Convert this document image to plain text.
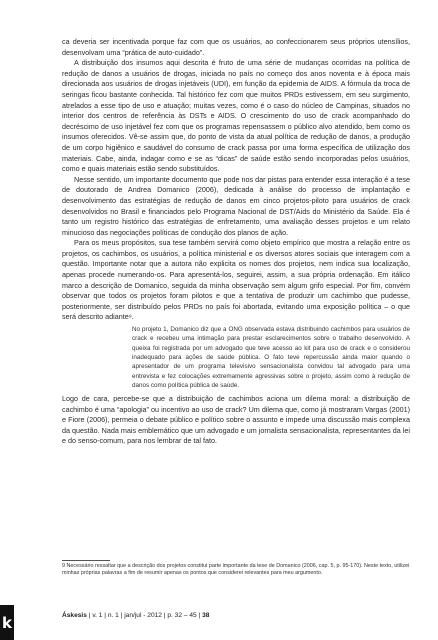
ca deveria ser incentivada porque faz com que os usuários, ao confeccionarem seus próprios utensílios, desenvolvam uma “prática de auto-cuidado”.

A distribuição dos insumos aqui descrita é fruto de uma série de mudanças ocorridas na política de redução de danos a usuários de drogas, iniciada no país no começo dos anos noventa e à época mais direcionada aos usuários de drogas injetáveis (UDI), em função da epidemia de AIDS. A fórmula da troca de seringas ficou bastante conhecida. Tal histórico fez com que muitos PRDs estivessem, em seu surgimento, atrelados a esse tipo de uso e atuação; muitas vezes, como é o caso do núcleo de Campinas, situados no interior dos centros de referência às DSTs e AIDS. O crescimento do uso de crack acompanhado do decréscimo de uso injetável fez com que os programas repensassem o público alvo atendido, bem como os insumos oferecidos. Vê-se assim que, do ponto de vista da atual política de redução de danos, a produção de um corpo higiênico e saudável do consumo de crack passa por uma forma específica de utilização dos materiais. Cabe, ainda, indagar como e se as “dicas” de saúde estão sendo incorporadas pelos usuários, como e quais materiais estão sendo substituídos.

Nesse sentido, um importante documento que pode nos dar pistas para entender essa interação é a tese de doutorado de Andrea Domanico (2006), dedicada à análise do processo de implantação e desenvolvimento das estratégias de redução de danos em cinco projetos-piloto para usuários de crack desenvolvidos no Brasil e financiados pelo Programa Nacional de DST/Aids do Ministério da Saúde. Ela é tanto um registro histórico das estratégias de enfretamento, uma avaliação desses projetos e um relato minucioso das negociações políticas de condução dos planos de ação.

Para os meus propósitos, sua tese também servirá como objeto empírico que mostra a relação entre os projetos, os cachimbos, os usuários, a política ministerial e os diversos atores sociais que interagem com a questão. Importante notar que a autora não explicita os nomes dos projetos, nem indica sua localização, apenas procede numerando-os. Para apresentá-los, seguirei, assim, a sua própria ordenação. Em itálico marco a descrição de Domanico, seguida da minha observação sem algum grifo especial. Por fim, convém observar que todos os projetos foram pilotos e que a tentativa de produzir um cachimbo que pudesse, posteriormente, ser distribuído pelos PRDs no país foi abortada, evitando uma exposição política – o que será descrito adiante⁹.

No projeto 1, Domanico diz que a ONG observada estava distribuindo cachimbos para usuários de crack e recebeu uma intimação para prestar esclarecimentos sobre o trabalho desenvolvido. A queixa foi registrada por um advogado que teve acesso ao kit para uso de crack e o considerou inadequado para ações de saúde pública. O fato teve repercussão ainda maior quando o apresentador de um programa televisivo sensacionalista convidou tal advogado para uma entrevista e fez colocações extremamente agressivas sobre o projeto, assim como à redução de danos como política pública de saúde.

Logo de cara, percebe-se que a distribuição de cachimbos aciona um dilema moral: a distribuição de cachimbo é uma “apologia” ou incentivo ao uso de crack? Um dilema que, como já mostraram Vargas (2001) e Fiore (2006), permeia o debate público e político sobre o assunto e impede uma discussão mais complexa da questão. Nada mais emblemático que um advogado e um jornalista sensacionalista, representantes da lei e do senso-comum, para nos lembrar de tal fato.

9 Necessário ressaltar que a descrição dos projetos constitui parte importante da tese de Domanico (2006, cap. 5, p. 95-170). Neste texto, utilizei minhas próprias palavras a fim de resumir apenas os pontos que considerei relevantes para meu argumento.

k	Áskesis | v. 1 | n. 1 | jan/jul - 2012 | p. 32 – 45 | 38
